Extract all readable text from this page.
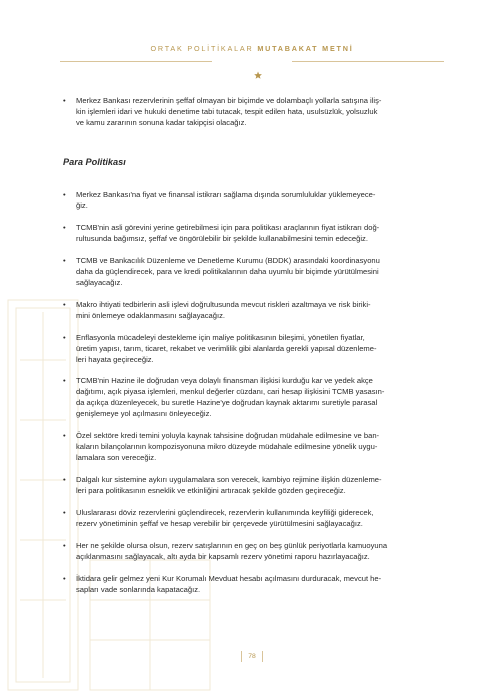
ORTAK POLİTİKALAR MUTABAKAT METNİ
• Merkez Bankası rezervlerinin şeffaf olmayan bir biçimde ve dolambaçlı yollarla satışına iliş-
kin işlemleri idari ve hukuki denetime tabi tutacak, tespit edilen hata, usulsüzlük, yolsuzluk
ve kamu zararının sonuna kadar takipçisi olacağız.
Para Politikası
• Merkez Bankası'na fiyat ve finansal istikrarı sağlama dışında sorumluluklar yüklemeyece-
ğiz.
• TCMB'nin asli görevini yerine getirebilmesi için para politikası araçlarının fiyat istikrarı doğ-
rultusunda bağımsız, şeffaf ve öngörülebilir bir şekilde kullanabilmesini temin edeceğiz.
• TCMB ve Bankacılık Düzenleme ve Denetleme Kurumu (BDDK) arasındaki koordinasyonu
daha da güçlendirecek, para ve kredi politikalarının daha uyumlu bir biçimde yürütülmesini
sağlayacağız.
• Makro ihtiyati tedbirlerin asli işlevi doğrultusunda mevcut riskleri azaltmaya ve risk biriki-
mini önlemeye odaklanmasını sağlayacağız.
• Enflasyonla mücadeleyi destekleme için maliye politikasının bileşimi, yönetilen fiyatlar,
üretim yapısı, tarım, ticaret, rekabet ve verimlilik gibi alanlarda gerekli yapısal düzenleme-
leri hayata geçireceğiz.
• TCMB'nin Hazine ile doğrudan veya dolaylı finansman ilişkisi kurduğu kar ve yedek akçe
dağıtımı, açık piyasa işlemleri, menkul değerler cüzdanı, cari hesap ilişkisini TCMB yasasın-
da açıkça düzenleyecek, bu suretle Hazine'ye doğrudan kaynak aktarımı suretiyle parasal
genişlemeye yol açılmasını önleyeceğiz.
• Özel sektöre kredi temini yoluyla kaynak tahsisine doğrudan müdahale edilmesine ve ban-
kaların bilançolarının kompozisyonuna mikro düzeyde müdahale edilmesine yönelik uygu-
lamalara son vereceğiz.
• Dalgalı kur sistemine aykırı uygulamalara son verecek, kambiyo rejimine ilişkin düzenleme-
leri para politikasının esneklik ve etkinliğini artıracak şekilde gözden geçireceğiz.
• Uluslararası döviz rezervlerini güçlendirecek, rezervlerin kullanımında keyfiliği giderecek,
rezerv yönetiminin şeffaf ve hesap verebilir bir çerçevede yürütülmesini sağlayacağız.
• Her ne şekilde olursa olsun, rezerv satışlarının en geç on beş günlük periyotlarla kamuoyuna
açıklanmasını sağlayacak, altı ayda bir kapsamlı rezerv yönetimi raporu hazırlayacağız.
• İktidara gelir gelmez yeni Kur Korumalı Mevduat hesabı açılmasını durduracak, mevcut he-
sapları vade sonlarında kapatacağız.
78
